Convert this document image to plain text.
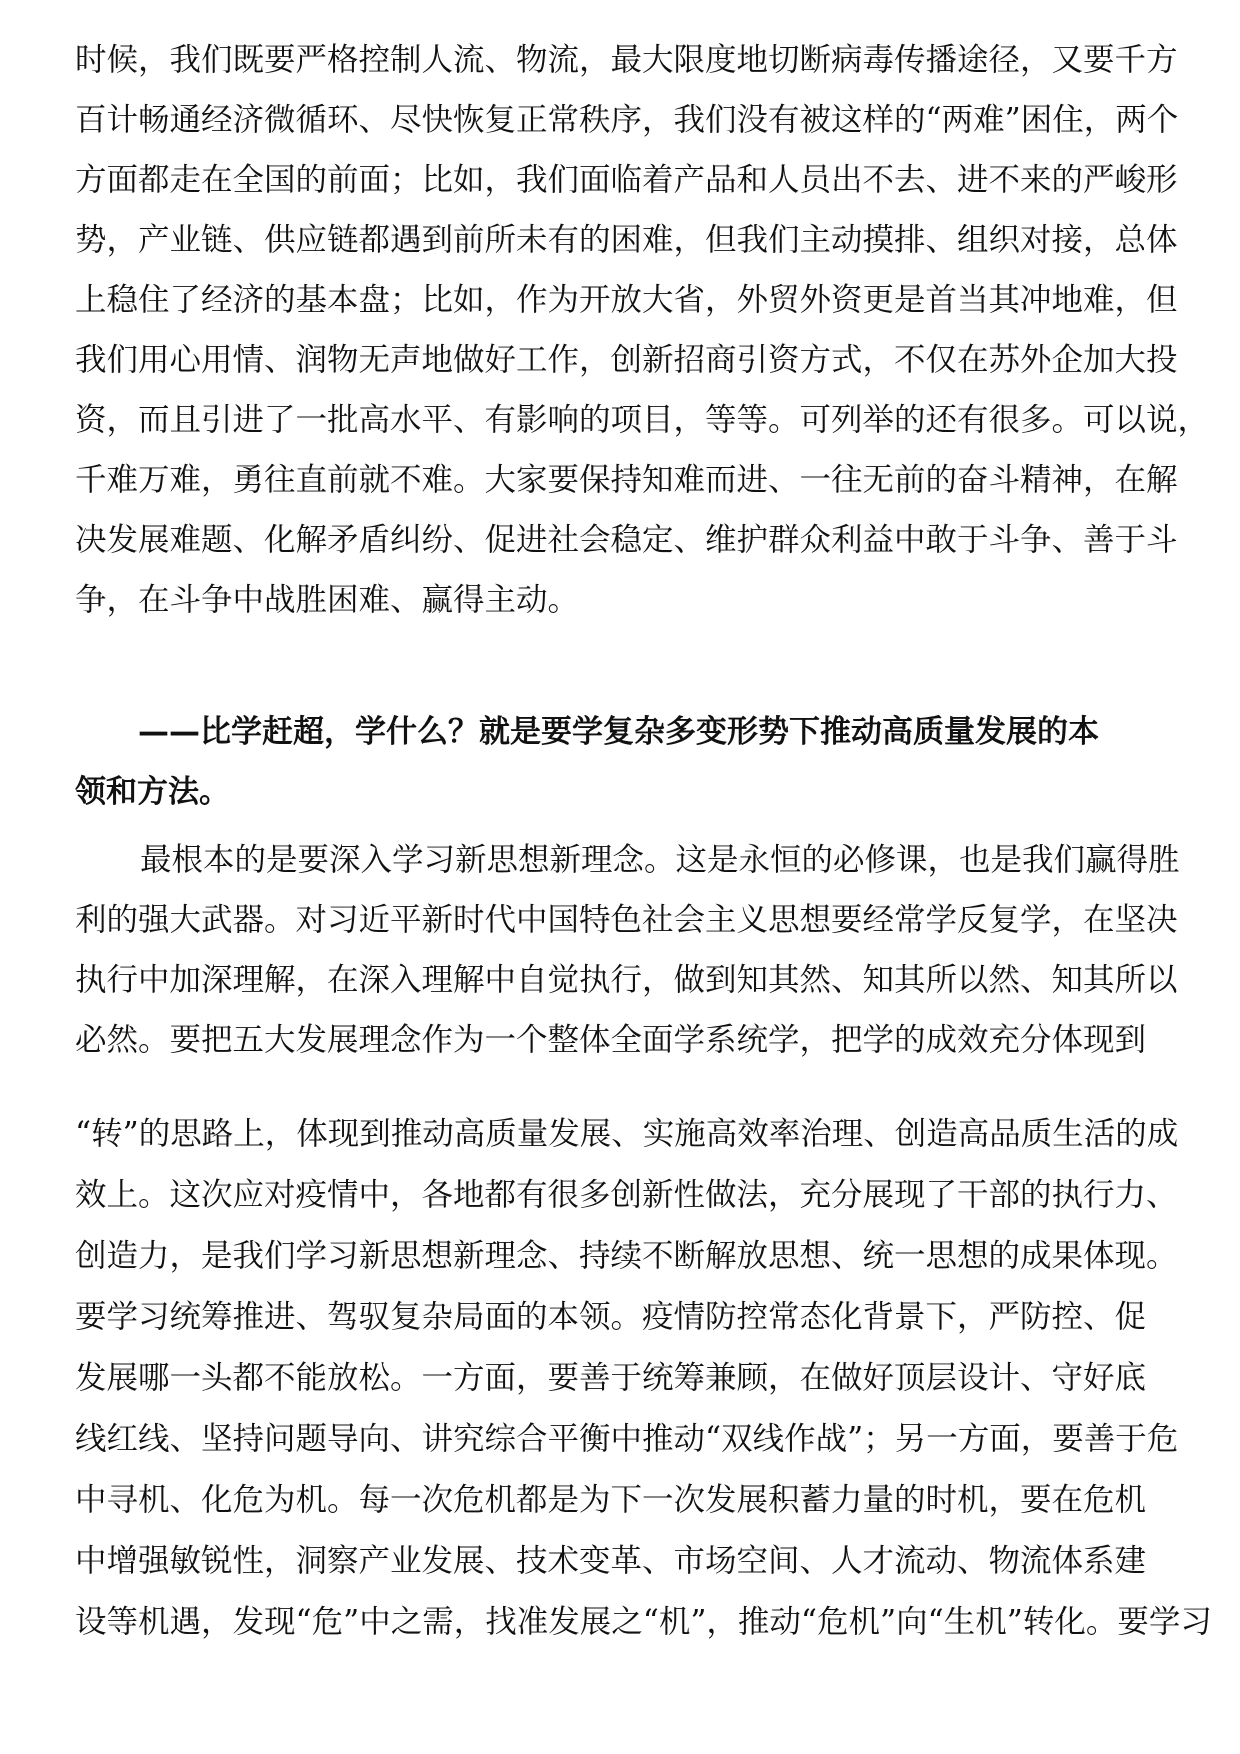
时候，我们既要严格控制人流、物流，最大限度地切断病毒传播途径，又要千方
百计畅通经济微循环、尽快恢复正常秩序，我们没有被这样的“两难”困住，两个
方面都走在全国的前面；比如，我们面临着产品和人员出不去、进不来的严峻形
势，产业链、供应链都遇到前所未有的困难，但我们主动摸排、组织对接，总体
上稳住了经济的基本盘；比如，作为开放大省，外贸外资更是首当其冲地难，但
我们用心用情、润物无声地做好工作，创新招商引资方式，不仅在苏外企加大投
资，而且引进了一批高水平、有影响的项目，等等。可列举的还有很多。可以说，
千难万难，勇往直前就不难。大家要保持知难而进、一往无前的奋斗精神，在解
决发展难题、化解矛盾纠纷、促进社会稳定、维护群众利益中敢于斗争、善于斗
争，在斗争中战胜困难、赢得主动。
——比学赶超，学什么？就是要学复杂多变形势下推动高质量发展的本
领和方法。
最根本的是要深入学习新思想新理念。这是永恒的必修课，也是我们赢得胜
利的强大武器。对习近平新时代中国特色社会主义思想要经常学反复学，在坚决
执行中加深理解，在深入理解中自觉执行，做到知其然、知其所以然、知其所以
必然。要把五大发展理念作为一个整体全面学系统学，把学的成效充分体现到
“转”的思路上，体现到推动高质量发展、实施高效率治理、创造高品质生活的成
效上。这次应对疫情中，各地都有很多创新性做法，充分展现了干部的执行力、
创造力，是我们学习新思想新理念、持续不断解放思想、统一思想的成果体现。
要学习统筹推进、驾驭复杂局面的本领。疫情防控常态化背景下，严防控、促
发展哪一头都不能放松。一方面，要善于统筹兼顾，在做好顶层设计、守好底
线红线、坚持问题导向、讲究综合平衡中推动“双线作战”；另一方面，要善于危
中寻机、化危为机。每一次危机都是为下一次发展积蓄力量的时机，要在危机
中增强敏锐性，洞察产业发展、技术变革、市场空间、人才流动、物流体系建
设等机遇，发现“危”中之需，找准发展之“机”，推动“危机”向“生机”转化。要学习
